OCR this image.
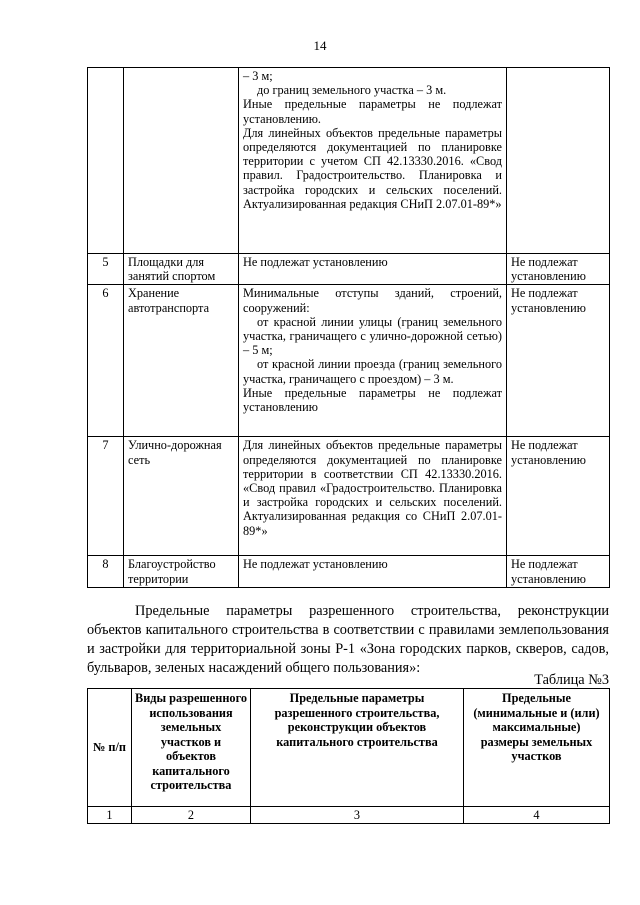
14

		– 3 м;
до границ земельного участка – 3 м.
Иные предельные параметры не подлежат установлению.
Для линейных объектов предельные параметры определяются документацией по планировке территории с учетом СП 42.13330.2016. «Свод правил. Градостроительство. Планировка и застройка городских и сельских поселений. Актуализированная редакция СНиП 2.07.01-89*»	

5	Площадки для занятий спортом	Не подлежат установлению	Не подлежат установлению
6	Хранение автотранспорта	Минимальные отступы зданий, строений, сооружений:
от красной линии улицы (границ земельного участка, граничащего с улично-дорожной сетью) – 5 м;
от красной линии проезда (границ земельного участка, граничащего с проездом) – 3 м.
Иные предельные параметры не подлежат установлению	Не подлежат установлению
7	Улично-дорожная сеть	Для линейных объектов предельные параметры определяются документацией по планировке территории в соответствии СП 42.13330.2016. «Свод правил «Градостроительство. Планировка и застройка городских и сельских поселений. Актуализированная редакция со СНиП 2.07.01-89*»	Не подлежат установлению
8	Благоустройство территории	Не подлежат установлению	Не подлежат установлению
Предельные параметры разрешенного строительства, реконструкции объектов капитального строительства в соответствии с правилами землепользования и застройки для территориальной зоны Р-1 «Зона городских парков, скверов, садов, бульваров, зеленых насаждений общего пользования»:
Таблица №3
№ п/п	Виды разрешенного использования земельных участков и объектов капитального строительства	Предельные параметры разрешенного строительства, реконструкции объектов капитального строительства	Предельные (минимальные и (или) максимальные) размеры земельных участков
1	2	3	4
